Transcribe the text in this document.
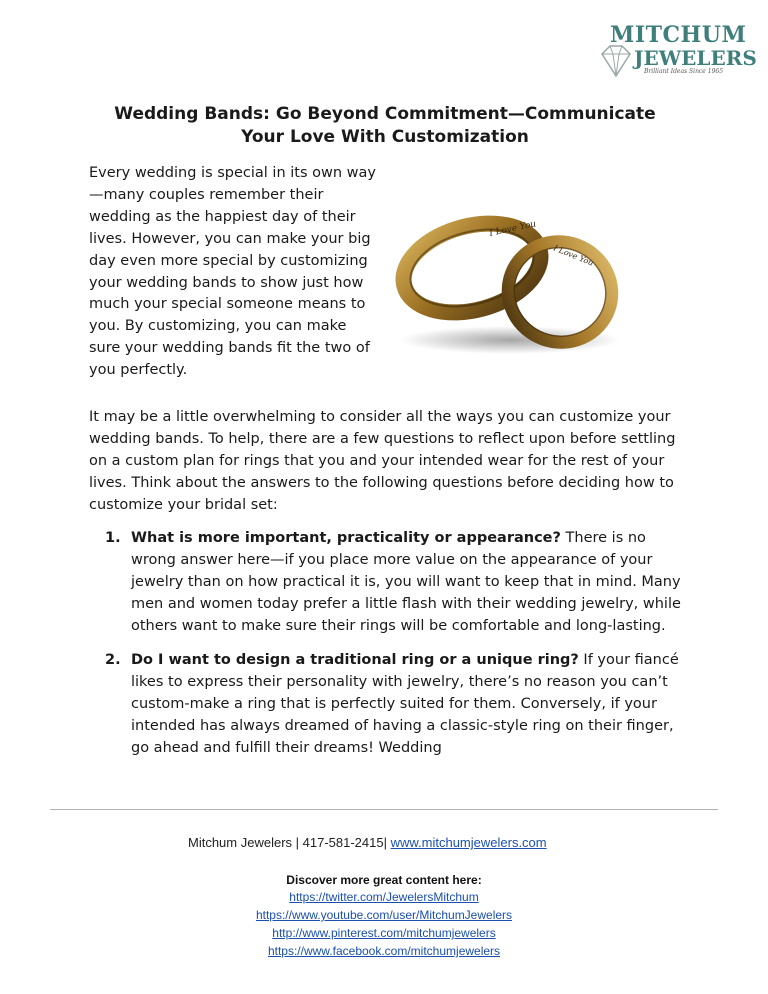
MITCHUM
JEWELERS
Brilliant Ideas Since 1965
Wedding Bands: Go Beyond Commitment—Communicate Your Love With Customization

Every wedding is special in its own way—many couples remember their wedding as the happiest day of their lives. However, you can make your big day even more special by customizing your wedding bands to show just how much your special someone means to you. By customizing, you can make sure your wedding bands fit the two of you perfectly.

I Love You
I Love You

It may be a little overwhelming to consider all the ways you can customize your wedding bands. To help, there are a few questions to reflect upon before settling on a custom plan for rings that you and your intended wear for the rest of your lives. Think about the answers to the following questions before deciding how to customize your bridal set:

1. What is more important, practicality or appearance? There is no wrong answer here—if you place more value on the appearance of your jewelry than on how practical it is, you will want to keep that in mind. Many men and women today prefer a little flash with their wedding jewelry, while others want to make sure their rings will be comfortable and long-lasting.
2. Do I want to design a traditional ring or a unique ring? If your fiancé likes to express their personality with jewelry, there’s no reason you can’t custom-make a ring that is perfectly suited for them. Conversely, if your intended has always dreamed of having a classic-style ring on their finger, go ahead and fulfill their dreams! Wedding
Mitchum Jewelers | 417-581-2415| www.mitchumjewelers.com
Discover more great content here:
https://twitter.com/JewelersMitchum
https://www.youtube.com/user/MitchumJewelers
http://www.pinterest.com/mitchumjewelers
https://www.facebook.com/mitchumjewelers
